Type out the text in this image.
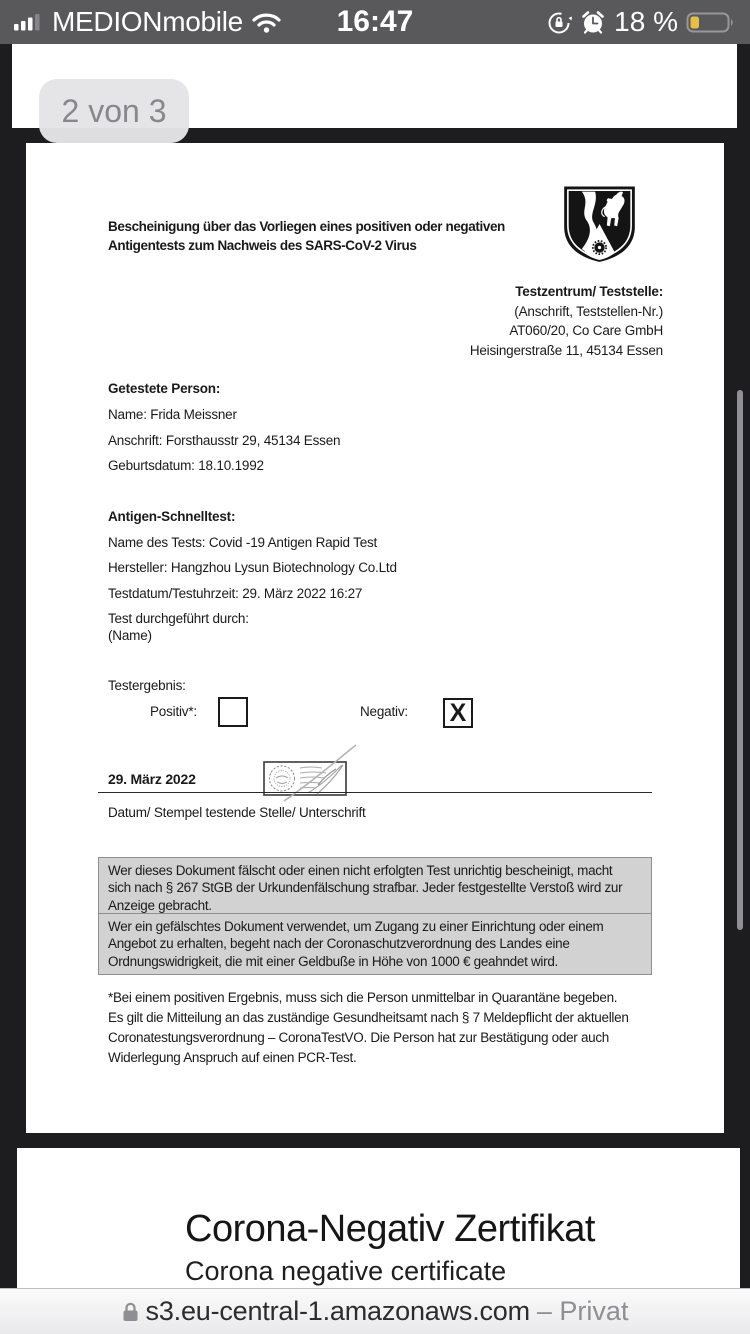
MEDIONmobile	16:47	18 %
2 von 3
Bescheinigung über das Vorliegen eines positiven oder negativen
Antigentests zum Nachweis des SARS-CoV-2 Virus
Testzentrum/ Teststelle:
(Anschrift, Teststellen-Nr.)
AT060/20, Co Care GmbH
Heisingerstraße 11, 45134 Essen
Getestete Person:
Name: Frida Meissner
Anschrift: Forsthausstr 29, 45134 Essen
Geburtsdatum: 18.10.1992
Antigen-Schnelltest:
Name des Tests: Covid -19 Antigen Rapid Test
Hersteller: Hangzhou Lysun Biotechnology Co.Ltd
Testdatum/Testuhrzeit: 29. März 2022 16:27
Test durchgeführt durch:
(Name)
Testergebnis:
Positiv*:	Negativ: X
29. März 2022
Datum/ Stempel testende Stelle/ Unterschrift
Wer dieses Dokument fälscht oder einen nicht erfolgten Test unrichtig bescheinigt, macht
sich nach § 267 StGB der Urkundenfälschung strafbar. Jeder festgestellte Verstoß wird zur
Anzeige gebracht.
Wer ein gefälschtes Dokument verwendet, um Zugang zu einer Einrichtung oder einem
Angebot zu erhalten, begeht nach der Coronaschutzverordnung des Landes eine
Ordnungswidrigkeit, die mit einer Geldbuße in Höhe von 1000 € geahndet wird.
*Bei einem positiven Ergebnis, muss sich die Person unmittelbar in Quarantäne begeben.
Es gilt die Mitteilung an das zuständige Gesundheitsamt nach § 7 Meldepflicht der aktuellen
Coronatestungsverordnung – CoronaTestVO. Die Person hat zur Bestätigung oder auch
Widerlegung Anspruch auf einen PCR-Test.
Corona-Negativ Zertifikat
Corona negative certificate
s3.eu-central-1.amazonaws.com – Privat
